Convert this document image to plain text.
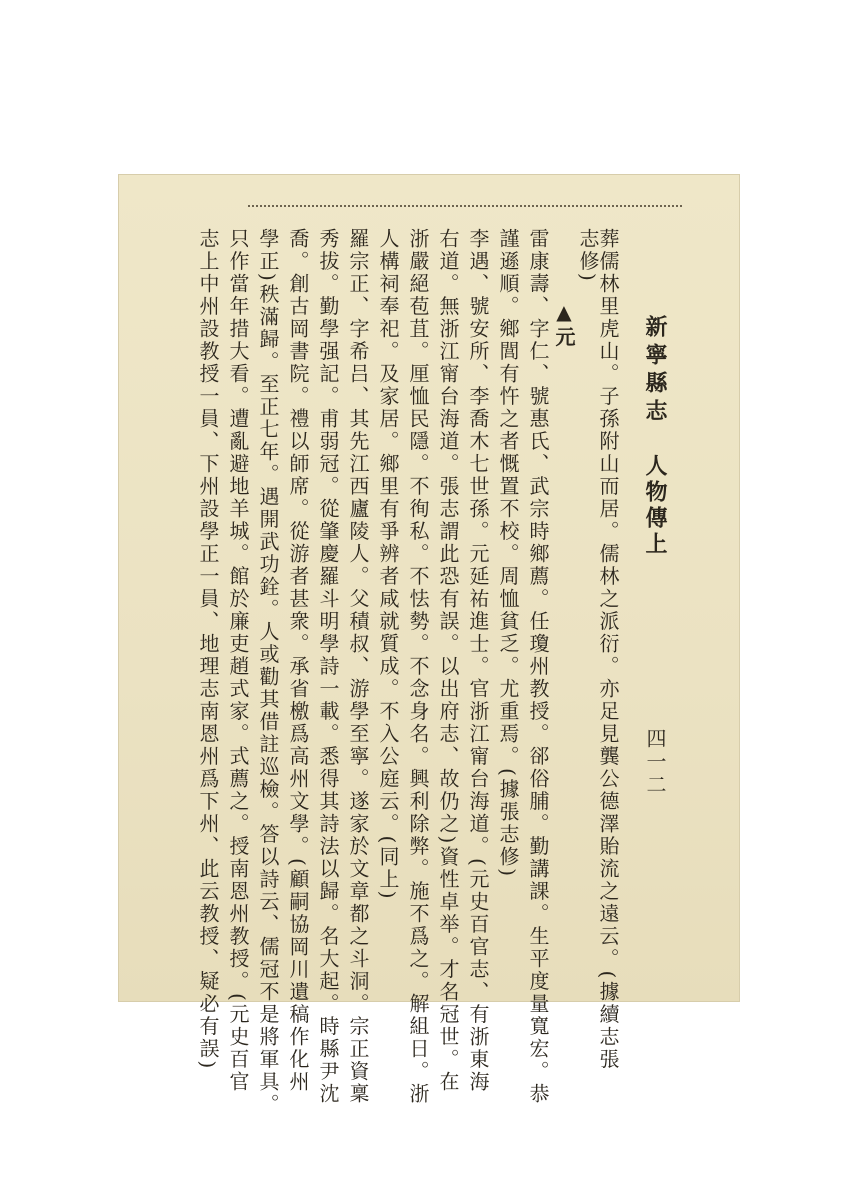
新寧縣志
人物傳上
四一二
葬儒林里虎山。子孫附山而居。儒林之派衍。亦足見龔公德澤貽流之遠云。(據續志張
志修)
▲元
雷康壽、字仁、號惠氏、武宗時鄉薦。任瓊州教授。郤俗脯。勤講課。生平度量寬宏。恭
謹遜順。鄉閭有忤之者慨置不校。周恤貧乏。尤重焉。(據張志修)
李遇、號安所、李喬木七世孫。元延祐進士。官浙江甯台海道。(元史百官志、有浙東海
右道。無浙江甯台海道。張志謂此恐有誤。以出府志、故仍之)資性卓举。才名冠世。在
浙嚴絕苞苴。厘恤民隱。不徇私。不怯勢。不念身名。興利除弊。施不爲之。解組日。浙
人構祠奉祀。及家居。鄉里有爭辨者咸就質成。不入公庭云。(同上)
羅宗正、字希吕、其先江西廬陵人。父積叔、游學至寧。遂家於文章都之斗洞。宗正資稟
秀拔。勤學强記。甫弱冠。從肇慶羅斗明學詩一載。悉得其詩法以歸。名大起。時縣尹沈
喬。創古岡書院。禮以師席。從游者甚衆。承省檄爲高州文學。(顧嗣協岡川遺稿作化州
學正)秩滿歸。至正七年。遇開武功銓。人或勸其借註巡檢。答以詩云、儒冠不是將軍具。
只作當年措大看。遭亂避地羊城。館於廉吏趙式家。式薦之。授南恩州教授。(元史百官
志上中州設教授一員、下州設學正一員、地理志南恩州爲下州、此云教授、疑必有誤)
